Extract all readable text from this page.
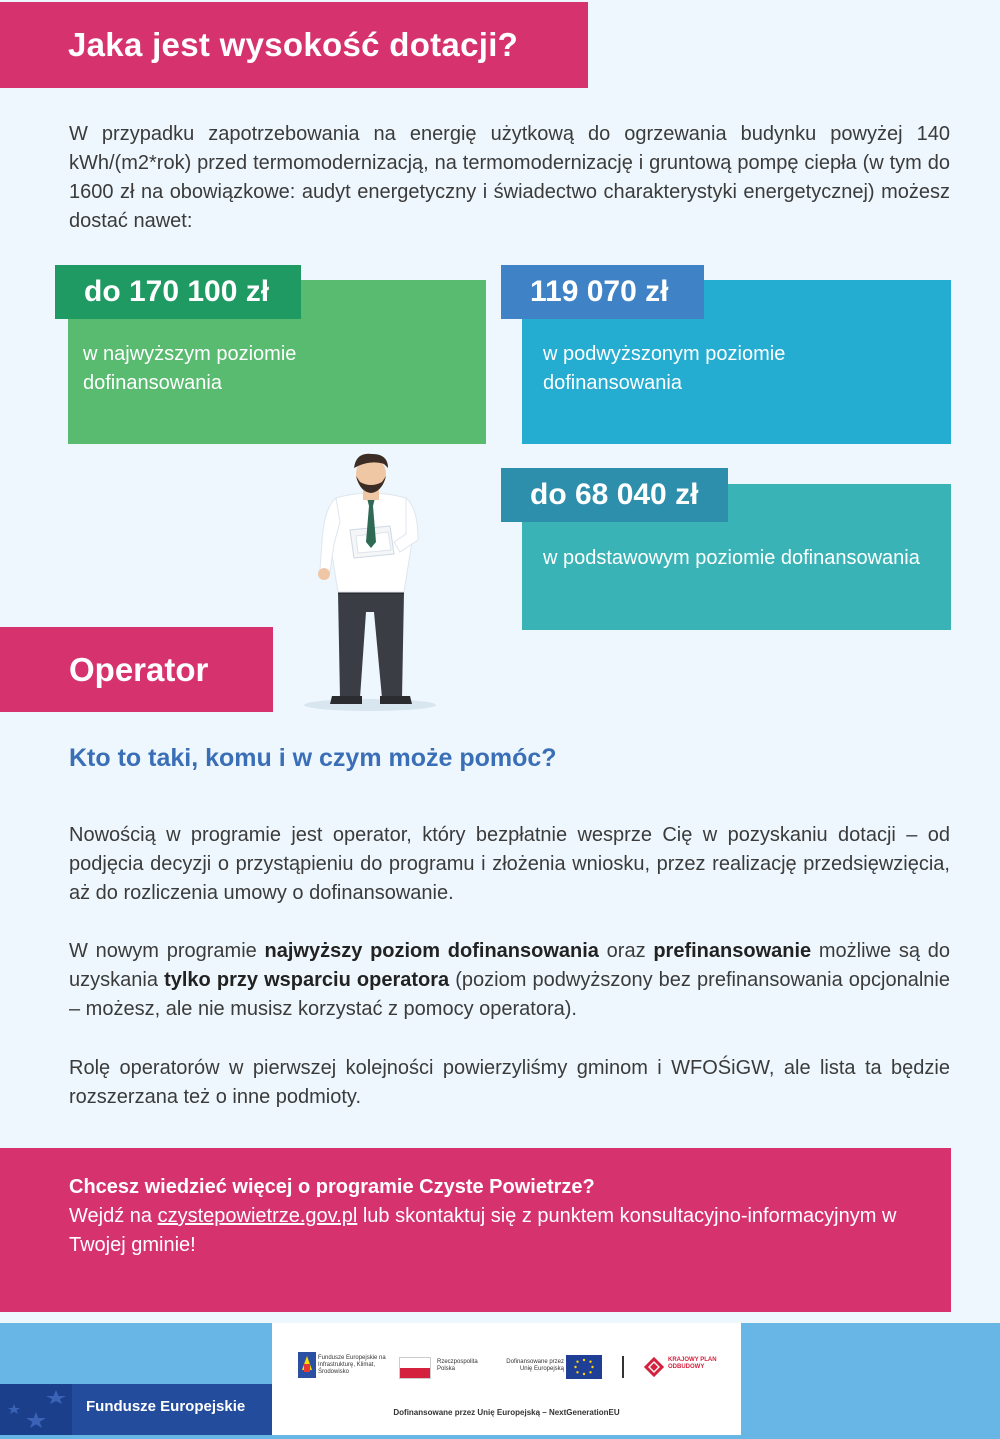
Jaka jest wysokość dotacji?

W przypadku zapotrzebowania na energię użytkową do ogrzewania budynku powyżej 140 kWh/(m2*rok) przed termomodernizacją, na termomodernizację i gruntową pompę ciepła (w tym do 1600 zł na obowiązkowe: audyt energetyczny i świadectwo charakterystyki energetycznej) możesz dostać nawet:

do 170 100 zł

w najwyższym poziomie dofinansowania

119 070 zł

w podwyższonym poziomie dofinansowania

do 68 040 zł

w podstawowym poziomie dofinansowania

Operator
Kto to taki, komu i w czym może pomóc?

Nowością w programie jest operator, który bezpłatnie wesprze Cię w pozyskaniu dotacji – od podjęcia decyzji o przystąpieniu do programu i złożenia wniosku, przez realizację przedsięwzięcia, aż do rozliczenia umowy o dofinansowanie.

W nowym programie najwyższy poziom dofinansowania oraz prefinansowanie możliwe są do uzyskania tylko przy wsparciu operatora (poziom podwyższony bez prefinansowania opcjonalnie – możesz, ale nie musisz korzystać z pomocy operatora).

Rolę operatorów w pierwszej kolejności powierzyliśmy gminom i WFOŚiGW, ale lista ta będzie rozszerzana też o inne podmioty.

Chcesz wiedzieć więcej o programie Czyste Powietrze?
Wejdź na czystepowietrze.gov.pl lub skontaktuj się z punktem konsultacyjno-informacyjnym w Twojej gminie!
Fundusze Europejskie
Fundusze Europejskie na Infrastrukturę, Klimat, Środowisko
Rzeczpospolita Polska
Dofinansowane przez Unię Europejską
KRAJOWY PLAN ODBUDOWY
Dofinansowane przez Unię Europejską – NextGenerationEU
